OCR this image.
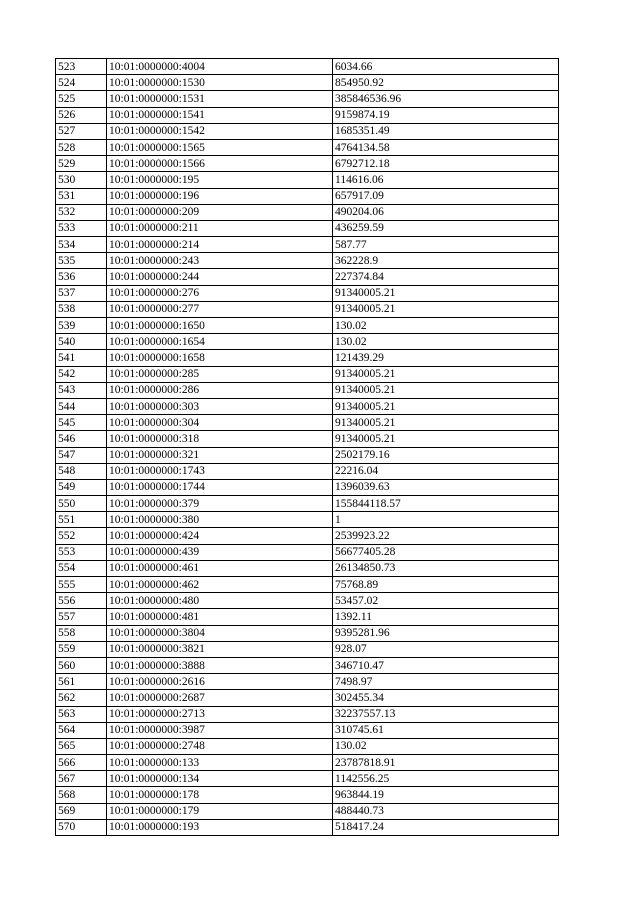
523	10:01:0000000:4004	6034.66
524	10:01:0000000:1530	854950.92
525	10:01:0000000:1531	385846536.96
526	10:01:0000000:1541	9159874.19
527	10:01:0000000:1542	1685351.49
528	10:01:0000000:1565	4764134.58
529	10:01:0000000:1566	6792712.18
530	10:01:0000000:195	114616.06
531	10:01:0000000:196	657917.09
532	10:01:0000000:209	490204.06
533	10:01:0000000:211	436259.59
534	10:01:0000000:214	587.77
535	10:01:0000000:243	362228.9
536	10:01:0000000:244	227374.84
537	10:01:0000000:276	91340005.21
538	10:01:0000000:277	91340005.21
539	10:01:0000000:1650	130.02
540	10:01:0000000:1654	130.02
541	10:01:0000000:1658	121439.29
542	10:01:0000000:285	91340005.21
543	10:01:0000000:286	91340005.21
544	10:01:0000000:303	91340005.21
545	10:01:0000000:304	91340005.21
546	10:01:0000000:318	91340005.21
547	10:01:0000000:321	2502179.16
548	10:01:0000000:1743	22216.04
549	10:01:0000000:1744	1396039.63
550	10:01:0000000:379	155844118.57
551	10:01:0000000:380	1
552	10:01:0000000:424	2539923.22
553	10:01:0000000:439	56677405.28
554	10:01:0000000:461	26134850.73
555	10:01:0000000:462	75768.89
556	10:01:0000000:480	53457.02
557	10:01:0000000:481	1392.11
558	10:01:0000000:3804	9395281.96
559	10:01:0000000:3821	928.07
560	10:01:0000000:3888	346710.47
561	10:01:0000000:2616	7498.97
562	10:01:0000000:2687	302455.34
563	10:01:0000000:2713	32237557.13
564	10:01:0000000:3987	310745.61
565	10:01:0000000:2748	130.02
566	10:01:0000000:133	23787818.91
567	10:01:0000000:134	1142556.25
568	10:01:0000000:178	963844.19
569	10:01:0000000:179	488440.73
570	10:01:0000000:193	518417.24
